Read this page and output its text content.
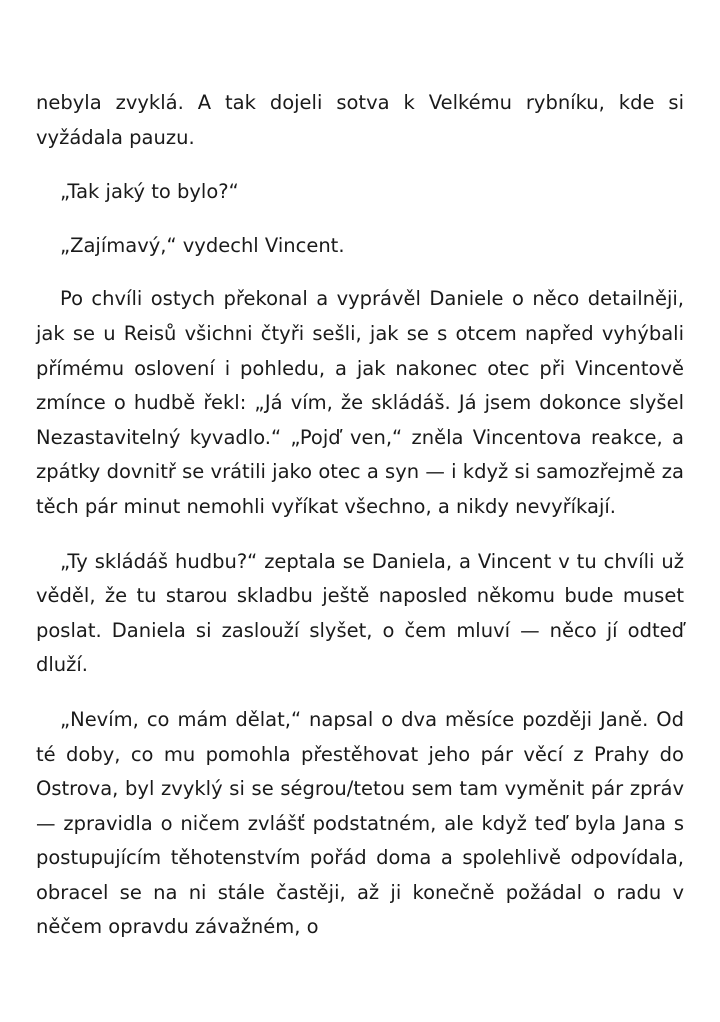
nebyla zvyklá. A tak dojeli sotva k Velkému rybníku, kde si vyžádala pauzu.

„Tak jaký to bylo?“

„Zajímavý,“ vydechl Vincent.

Po chvíli ostych překonal a vyprávěl Daniele o něco detailněji, jak se u Reisů všichni čtyři sešli, jak se s otcem napřed vyhýbali přímému oslovení i pohledu, a jak nakonec otec při Vincentově zmínce o hudbě řekl: „Já vím, že skládáš. Já jsem dokonce slyšel Nezastavitelný kyvadlo.“ „Pojď ven,“ zněla Vincentova reakce, a zpátky dovnitř se vrátili jako otec a syn — i když si samozřejmě za těch pár minut nemohli vyříkat všechno, a nikdy nevyříkají.

„Ty skládáš hudbu?“ zeptala se Daniela, a Vincent v tu chvíli už věděl, že tu starou skladbu ještě naposled někomu bude muset poslat. Daniela si zaslouží slyšet, o čem mluví — něco jí odteď dluží.

„Nevím, co mám dělat,“ napsal o dva měsíce později Janě. Od té doby, co mu pomohla přestěhovat jeho pár věcí z Prahy do Ostrova, byl zvyklý si se ségrou/tetou sem tam vyměnit pár zpráv — zpravidla o ničem zvlášť podstatném, ale když teď byla Jana s postupujícím těhotenstvím pořád doma a spolehlivě odpovídala, obracel se na ni stále častěji, až ji konečně požádal o radu v něčem opravdu závažném, o
